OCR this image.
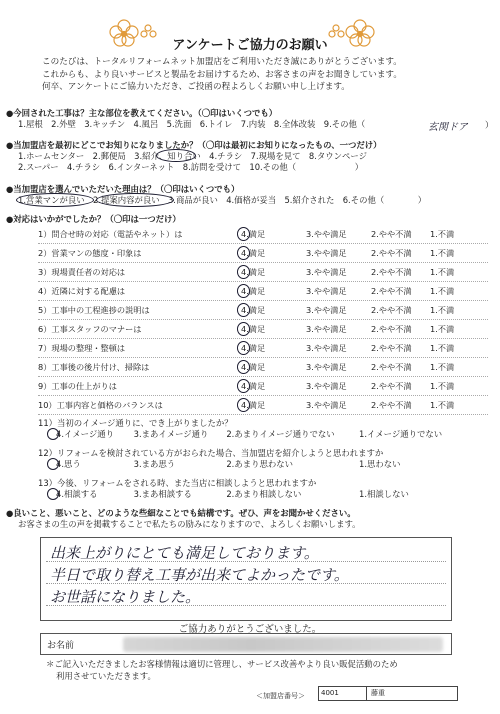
アンケートご協力のお願い
このたびは、トータルリフォームネット加盟店をご利用いただき誠にありがとうございます。
これからも、より良いサービスと製品をお届けするため、お客さまの声をお聞きしています。
何卒、アンケートにご協力いただき、ご投函の程よろしくお願い申し上げます。
●今回された工事は？主な部位を教えてください。（〇印はいくつでも）
1.屋根　2.外壁　3.キッチン　4.風呂　5.洗面　6.トイレ　7.内装　8.全体改装　9.その他（	玄関ドア ）
●当加盟店を最初にどこでお知りになりましたか？（〇印は最初にお知りになったもの、一つだけ）
1.ホームセンター　2.郵便局　3.紹介、知り合い　4.チラシ　7.現場を見て　8.タウンページ
2.スーパー　4.チラシ　6.インターネット　8.訪問を受けて　10.その他（　　　　　　　）
●当加盟店を選んでいただいた理由は？（〇印はいくつでも）
1.営業マンが良い　2.提案内容が良い　3.商品が良い　4.価格が妥当　5.紹介された　6.その他（　　　　）
●対応はいかがでしたか？（〇印は一つだけ）
1）問合せ時の対応（電話やネット）は	4.満足	3.やや満足	2.やや不満 1.不満
2）営業マンの態度・印象は	4.満足	3.やや満足	2.やや不満 1.不満
3）現場責任者の対応は	4.満足	3.やや満足	2.やや不満 1.不満
4）近隣に対する配慮は	4.満足	3.やや満足	2.やや不満 1.不満
5）工事中の工程進捗の説明は	4.満足	3.やや満足	2.やや不満 1.不満
6）工事スタッフのマナーは	4.満足	3.やや満足	2.やや不満 1.不満
7）現場の整理・整頓は	4.満足	3.やや満足	2.やや不満 1.不満
8）工事後の後片付け、掃除は	4.満足	3.やや満足	2.やや不満 1.不満
9）工事の仕上がりは	4.満足	3.やや満足	2.やや不満 1.不満
10）工事内容と価格のバランスは	4.満足	3.やや満足	2.やや不満 1.不満
11）当初のイメージ通りに、でき上がりましたか？
4.イメージ通り 3.まあイメージ通り 2.あまりイメージ通りでない	1.イメージ通りでない
12）リフォームを検討されている方がおられた場合、当加盟店を紹介しようと思われますか
4.思う	3.まあ思う	2.あまり思わない	1.思わない
13）今後、リフォームをされる時、また当店に相談しようと思われますか
4.相談する	3.まあ相談する	2.あまり相談しない	1.相談しない
●良いこと、悪いこと、どのような些細なことでも結構です。ぜひ、声をお聞かせください。
お客さまの生の声を掲載することで私たちの励みになりますので、よろしくお願いします。
出来上がりにとても満足しております。
半日で取り替え工事が出来てよかったです。
お世話になりました。
ご協力ありがとうございました。
お名前
＊ご記入いただきましたお客様情報は適切に管理し、サービス改善やより良い販促活動のため
利用させていただきます。
＜加盟店番号＞ 4001	藤重
